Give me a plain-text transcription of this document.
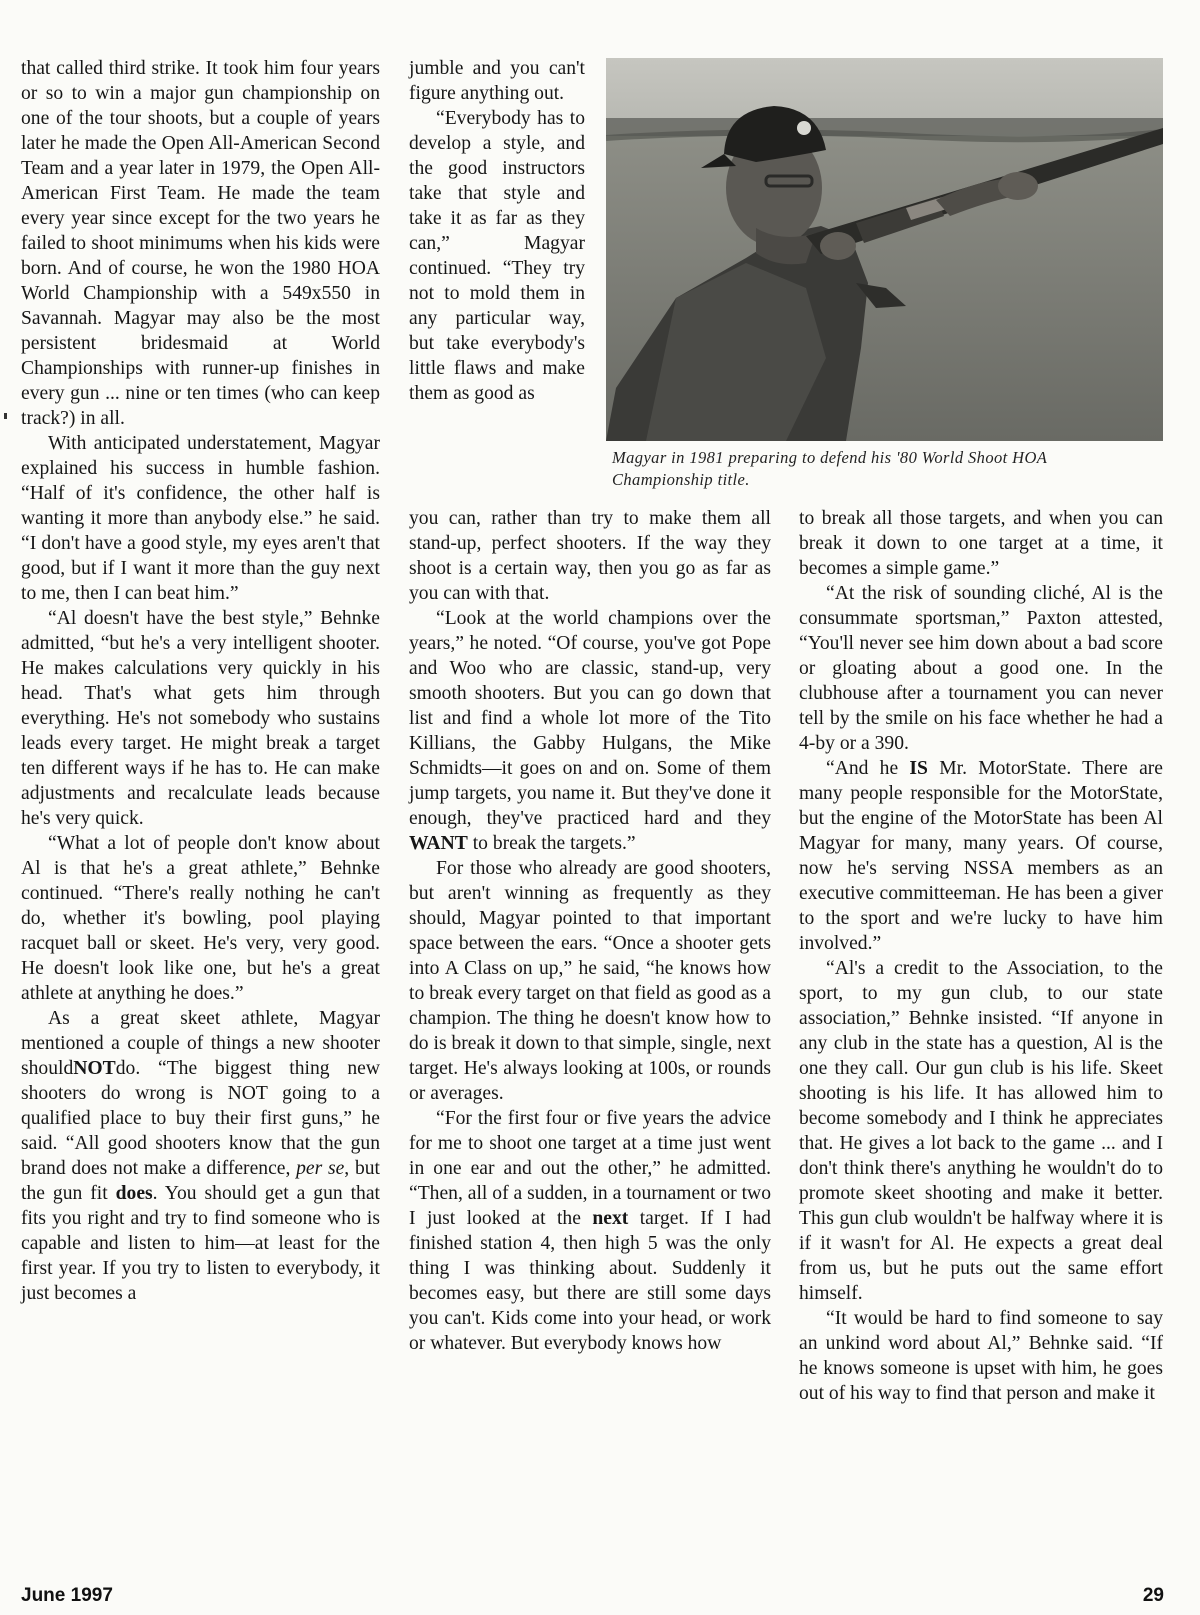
that called third strike. It took him four years or so to win a major gun championship on one of the tour shoots, but a couple of years later he made the Open All-American Second Team and a year later in 1979, the Open All-American First Team. He made the team every year since except for the two years he failed to shoot minimums when his kids were born. And of course, he won the 1980 HOA World Championship with a 549x550 in Savannah. Magyar may also be the most persistent bridesmaid at World Championships with runner-up finishes in every gun ... nine or ten times (who can keep track?) in all.

With anticipated understatement, Magyar explained his success in humble fashion. “Half of it's confidence, the other half is wanting it more than anybody else.” he said. “I don't have a good style, my eyes aren't that good, but if I want it more than the guy next to me, then I can beat him.”

“Al doesn't have the best style,” Behnke admitted, “but he's a very intelligent shooter. He makes calculations very quickly in his head. That's what gets him through everything. He's not somebody who sustains leads every target. He might break a target ten different ways if he has to. He can make adjustments and recalculate leads because he's very quick.

“What a lot of people don't know about Al is that he's a great athlete,” Behnke continued. “There's really nothing he can't do, whether it's bowling, pool playing racquet ball or skeet. He's very, very good. He doesn't look like one, but he's a great athlete at anything he does.”

As a great skeet athlete, Magyar mentioned a couple of things a new shooter shouldNOTdo. “The biggest thing new shooters do wrong is NOT going to a qualified place to buy their first guns,” he said. “All good shooters know that the gun brand does not make a difference, per se, but the gun fit does. You should get a gun that fits you right and try to find someone who is capable and listen to him—at least for the first year. If you try to listen to everybody, it just becomes a

jumble and you can't figure anything out.

“Everybody has to develop a style, and the good instructors take that style and take it as far as they can,” Magyar continued. “They try not to mold them in any particular way, but take everybody's little flaws and make them as good as

Magyar in 1981 preparing to defend his '80 World Shoot HOA
Championship title.

you can, rather than try to make them all stand-up, perfect shooters. If the way they shoot is a certain way, then you go as far as you can with that.

“Look at the world champions over the years,” he noted. “Of course, you've got Pope and Woo who are classic, stand-up, very smooth shooters. But you can go down that list and find a whole lot more of the Tito Killians, the Gabby Hulgans, the Mike Schmidts—it goes on and on. Some of them jump targets, you name it. But they've done it enough, they've practiced hard and they WANT to break the targets.”

For those who already are good shooters, but aren't winning as frequently as they should, Magyar pointed to that important space between the ears. “Once a shooter gets into A Class on up,” he said, “he knows how to break every target on that field as good as a champion. The thing he doesn't know how to do is break it down to that simple, single, next target. He's always looking at 100s, or rounds or averages.

“For the first four or five years the advice for me to shoot one target at a time just went in one ear and out the other,” he admitted. “Then, all of a sudden, in a tournament or two I just looked at the next target. If I had finished station 4, then high 5 was the only thing I was thinking about. Suddenly it becomes easy, but there are still some days you can't. Kids come into your head, or work or whatever. But everybody knows how

to break all those targets, and when you can break it down to one target at a time, it becomes a simple game.”

“At the risk of sounding cliché, Al is the consummate sportsman,” Paxton attested, “You'll never see him down about a bad score or gloating about a good one. In the clubhouse after a tournament you can never tell by the smile on his face whether he had a 4-by or a 390.

“And he IS Mr. MotorState. There are many people responsible for the MotorState, but the engine of the MotorState has been Al Magyar for many, many years. Of course, now he's serving NSSA members as an executive committeeman. He has been a giver to the sport and we're lucky to have him involved.”

“Al's a credit to the Association, to the sport, to my gun club, to our state association,” Behnke insisted. “If anyone in any club in the state has a question, Al is the one they call. Our gun club is his life. Skeet shooting is his life. It has allowed him to become somebody and I think he appreciates that. He gives a lot back to the game ... and I don't think there's anything he wouldn't do to promote skeet shooting and make it better. This gun club wouldn't be halfway where it is if it wasn't for Al. He expects a great deal from us, but he puts out the same effort himself.

“It would be hard to find someone to say an unkind word about Al,” Behnke said. “If he knows someone is upset with him, he goes out of his way to find that person and make it

June 1997	29
